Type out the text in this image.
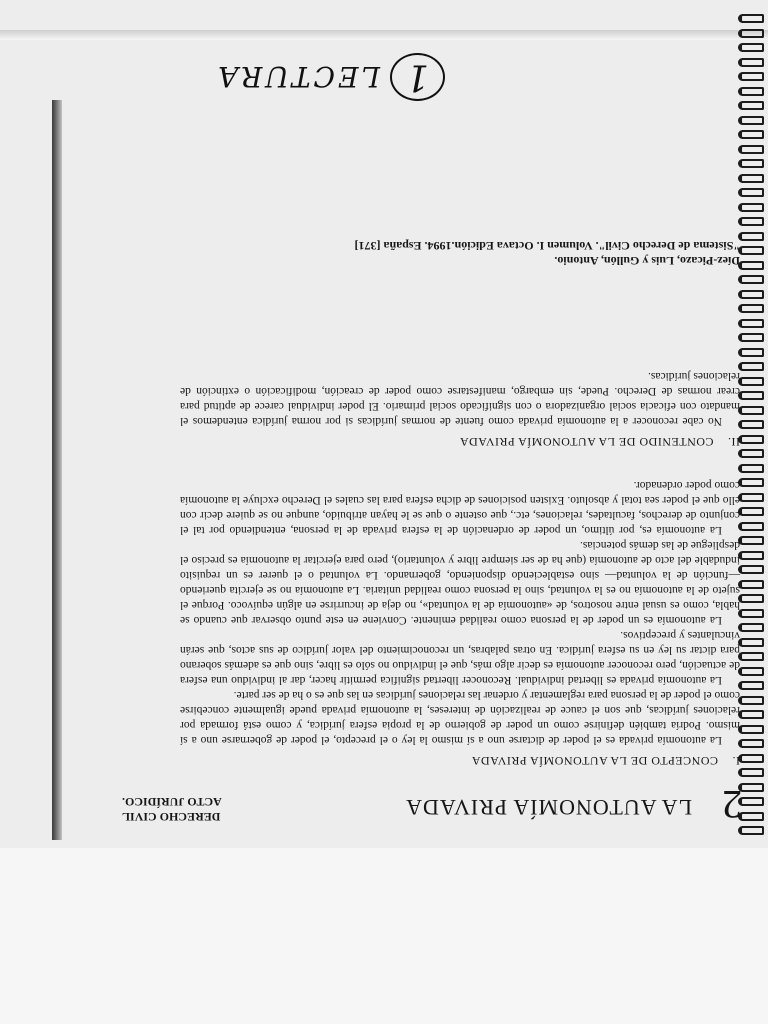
1
LECTURA
2
LA AUTONOMÍA PRIVADA
DERECHO CIVIL
ACTO JURÍDICO.
I.CONCEPTO DE LA AUTONOMÍA PRIVADA

La autonomía privada es el poder de dictarse uno a sí mismo la ley o el precepto, el poder de gobernarse uno a sí mismo. Podría también definirse como un poder de gobierno de la propia esfera jurídica, y como está formada por relaciones jurídicas, que son el cauce de realización de intereses, la autonomía privada puede igualmente concebirse como el poder de la persona para reglamentar y ordenar las relaciones jurídicas en las que es o ha de ser parte.

La autonomía privada es libertad individual. Reconocer libertad significa permitir hacer, dar al individuo una esfera de actuación, pero reconocer autonomía es decir algo más, que el individuo no sólo es libre, sino que es además soberano para dictar su ley en su esfera jurídica. En otras palabras, un reconocimiento del valor jurídico de sus actos, que serán vinculantes y preceptivos.

La autonomía es un poder de la persona como realidad eminente. Conviene en este punto observar que cuando se habla, como es usual entre nosotros, de «autonomía de la voluntad», no deja de incurrirse en algún equívoco. Porque el sujeto de la autonomía no es la voluntad, sino la persona como realidad unitaria. La autonomía no se ejercita queriendo —función de la voluntad— sino estableciendo disponiendo, gobernando. La voluntad o el querer es un requisito indudable del acto de autonomía (que ha de ser siempre libre y voluntario), pero para ejercitar la autonomía es preciso el despliegue de las demás potencias.

La autonomía es, por último, un poder de ordenación de la esfera privada de la persona, entendiendo por tal el conjunto de derechos, facultades, relaciones, etc., que ostente o que se le hayan atribuido, aunque no se quiere decir con ello que el poder sea total y absoluto. Existen posiciones de dicha esfera para las cuales el Derecho excluye la autonomía como poder ordenador.

II.CONTENIDO DE LA AUTONOMÍA PRIVADA

No cabe reconocer a la autonomía privada como fuente de normas jurídicas si por norma jurídica entendemos el mandato con eficacia social organizadora o con significado social primario. El poder individual carece de aptitud para crear normas de Derecho. Puede, sin embargo, manifestarse como poder de creación, modificación o extinción de relaciones jurídicas.

Díez-Picazo, Luis y Gullón, Antonio.
"Sistema de Derecho Civil". Volumen I. Octava Edición.1994. España [371]
